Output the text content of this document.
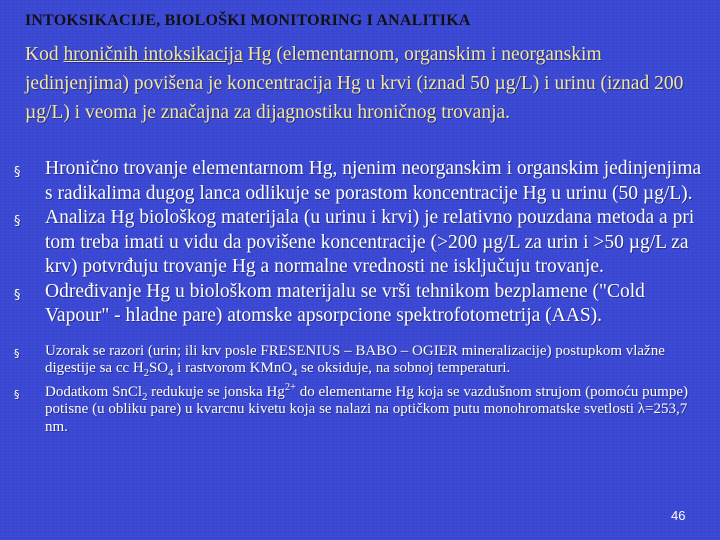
INTOKSIKACIJE, BIOLOŠKI MONITORING I ANALITIKA
Kod hroničnih intoksikacija Hg (elementarnom, organskim i neorganskim jedinjenjima) povišena je koncentracija Hg u krvi (iznad 50 µg/L) i urinu (iznad 200 µg/L) i veoma je značajna za dijagnostiku hroničnog trovanja.
§ Hronično trovanje elementarnom Hg, njenim neorganskim i organskim jedinjenjima s radikalima dugog lanca odlikuje se porastom koncentracije Hg u urinu (50 µg/L).
§ Analiza Hg biološkog materijala (u urinu i krvi) je relativno pouzdana metoda a pri tom treba imati u vidu da povišene koncentracije (>200 µg/L za urin i >50 µg/L za krv) potvrđuju trovanje Hg a normalne vrednosti ne isključuju trovanje.
§ Određivanje Hg u biološkom materijalu se vrši tehnikom bezplamene ("Cold Vapour" - hladne pare) atomske apsorpcione spektrofotometrija (AAS).
§ Uzorak se razori (urin; ili krv posle FRESENIUS – BABO – OGIER mineralizacije) postupkom vlažne digestije sa cc $H_2SO_4$ i rastvorom KMnO$_4$ se oksiduje, na sobnoj temperaturi.
§ Dodatkom SnCl$_2$ redukuje se jonska $Hg^{2+}$ do elementarne Hg koja se vazdušnom strujom (pomoću pumpe) potisne (u obliku pare) u kvarcnu kivetu koja se nalazi na optičkom putu monohromatske svetlosti λ=253,7 nm.
46
